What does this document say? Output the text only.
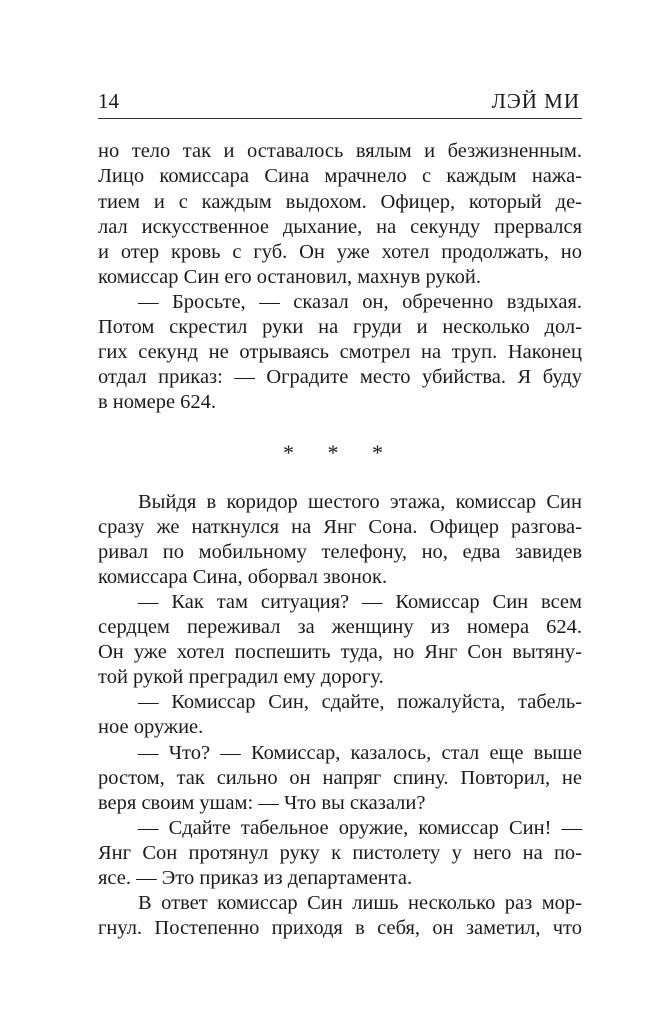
14	ЛЭЙ МИ
но тело так и оставалось вялым и безжизненным.
Лицо комиссара Сина мрачнело с каждым нажа-
тием и с каждым выдохом. Офицер, который де-
лал искусственное дыхание, на секунду прервался
и отер кровь с губ. Он уже хотел продолжать, но
комиссар Син его остановил, махнув рукой.
— Бросьте, — сказал он, обреченно вздыхая.
Потом скрестил руки на груди и несколько дол-
гих секунд не отрываясь смотрел на труп. Наконец
отдал приказ: — Оградите место убийства. Я буду
в номере 624.
* * *
Выйдя в коридор шестого этажа, комиссар Син
сразу же наткнулся на Янг Сона. Офицер разгова-
ривал по мобильному телефону, но, едва завидев
комиссара Сина, оборвал звонок.
— Как там ситуация? — Комиссар Син всем
сердцем переживал за женщину из номера 624.
Он уже хотел поспешить туда, но Янг Сон вытяну-
той рукой преградил ему дорогу.
— Комиссар Син, сдайте, пожалуйста, табель-
ное оружие.
— Что? — Комиссар, казалось, стал еще выше
ростом, так сильно он напряг спину. Повторил, не
веря своим ушам: — Что вы сказали?
— Сдайте табельное оружие, комиссар Син! —
Янг Сон протянул руку к пистолету у него на по-
ясе. — Это приказ из департамента.
В ответ комиссар Син лишь несколько раз мор-
гнул. Постепенно приходя в себя, он заметил, что
